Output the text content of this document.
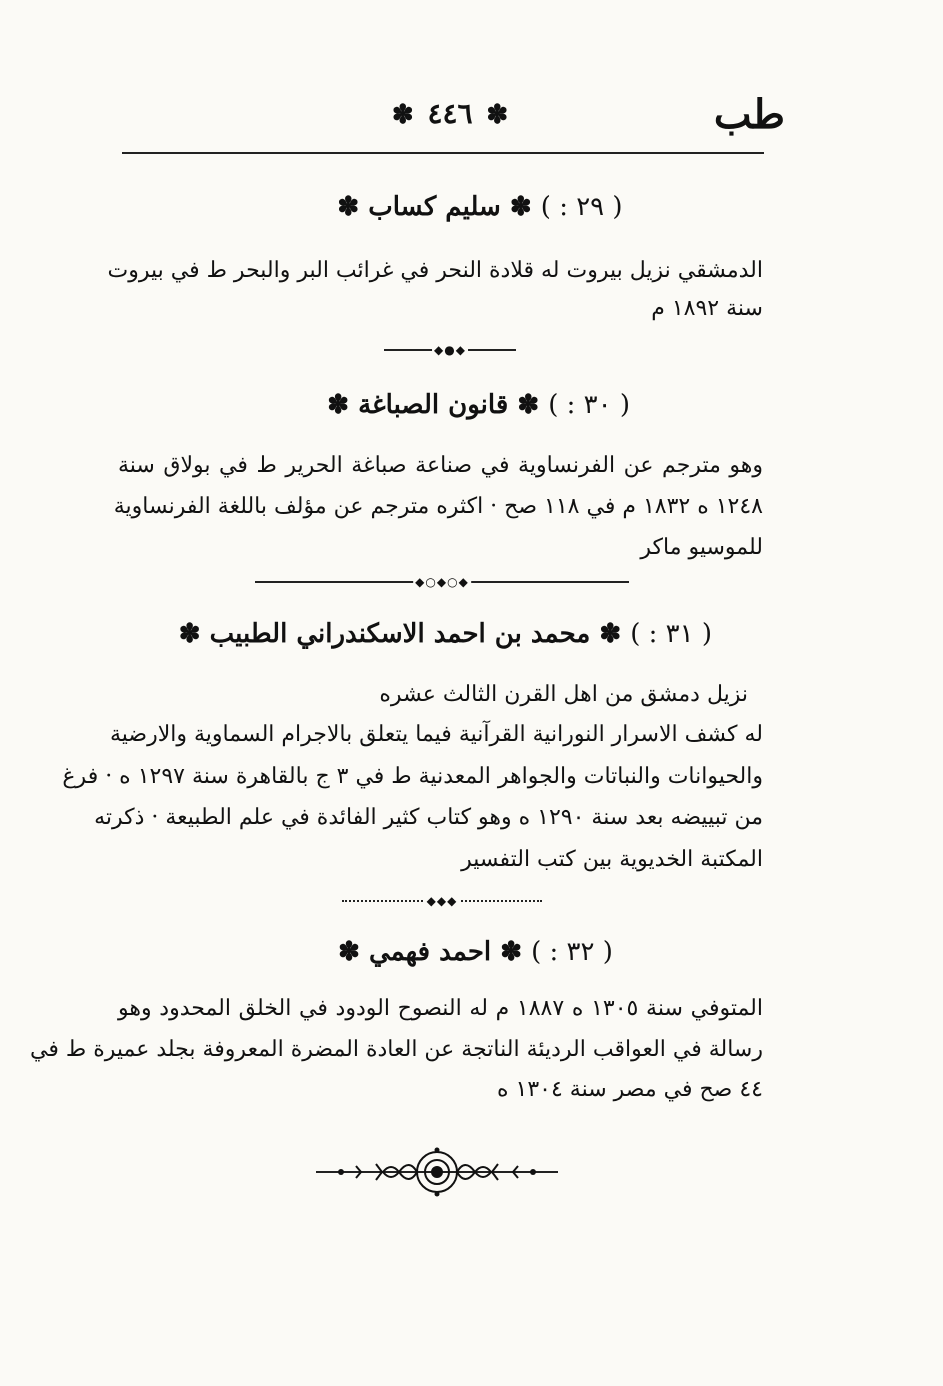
طب
✽ ٤٤٦ ✽
( ٢٩ : ) ✽ سليم كساب ✽
الدمشقي نزيل بيروت له قلادة النحر في غرائب البر والبحر ط في بيروت
سنة ١٨٩٢ م
◆●◆
( ٣٠ : ) ✽ قانون الصباغة ✽
وهو مترجم عن الفرنساوية في صناعة صباغة الحرير ط في بولاق سنة
١٢٤٨ ه ١٨٣٢ م في ١١٨ صح · اكثره مترجم عن مؤلف باللغة الفرنساوية
للموسيو ماكر
◆○◆○◆
( ٣١ : ) ✽ محمد بن احمد الاسكندراني الطبيب ✽
نزيل دمشق من اهل القرن الثالث عشره
له كشف الاسرار النورانية القرآنية فيما يتعلق بالاجرام السماوية والارضية
والحيوانات والنباتات والجواهر المعدنية ط في ٣ ج بالقاهرة سنة ١٢٩٧ ه · فرغ
من تبييضه بعد سنة ١٢٩٠ ه وهو كتاب كثير الفائدة في علم الطبيعة · ذكرته
المكتبة الخديوية بين كتب التفسير
◆◆◆
( ٣٢ : ) ✽ احمد فهمي ✽
المتوفي سنة ١٣٠٥ ه ١٨٨٧ م له النصوح الودود في الخلق المحدود وهو
رسالة في العواقب الرديئة الناتجة عن العادة المضرة المعروفة بجلد عميرة ط في
٤٤ صح في مصر سنة ١٣٠٤ ه
